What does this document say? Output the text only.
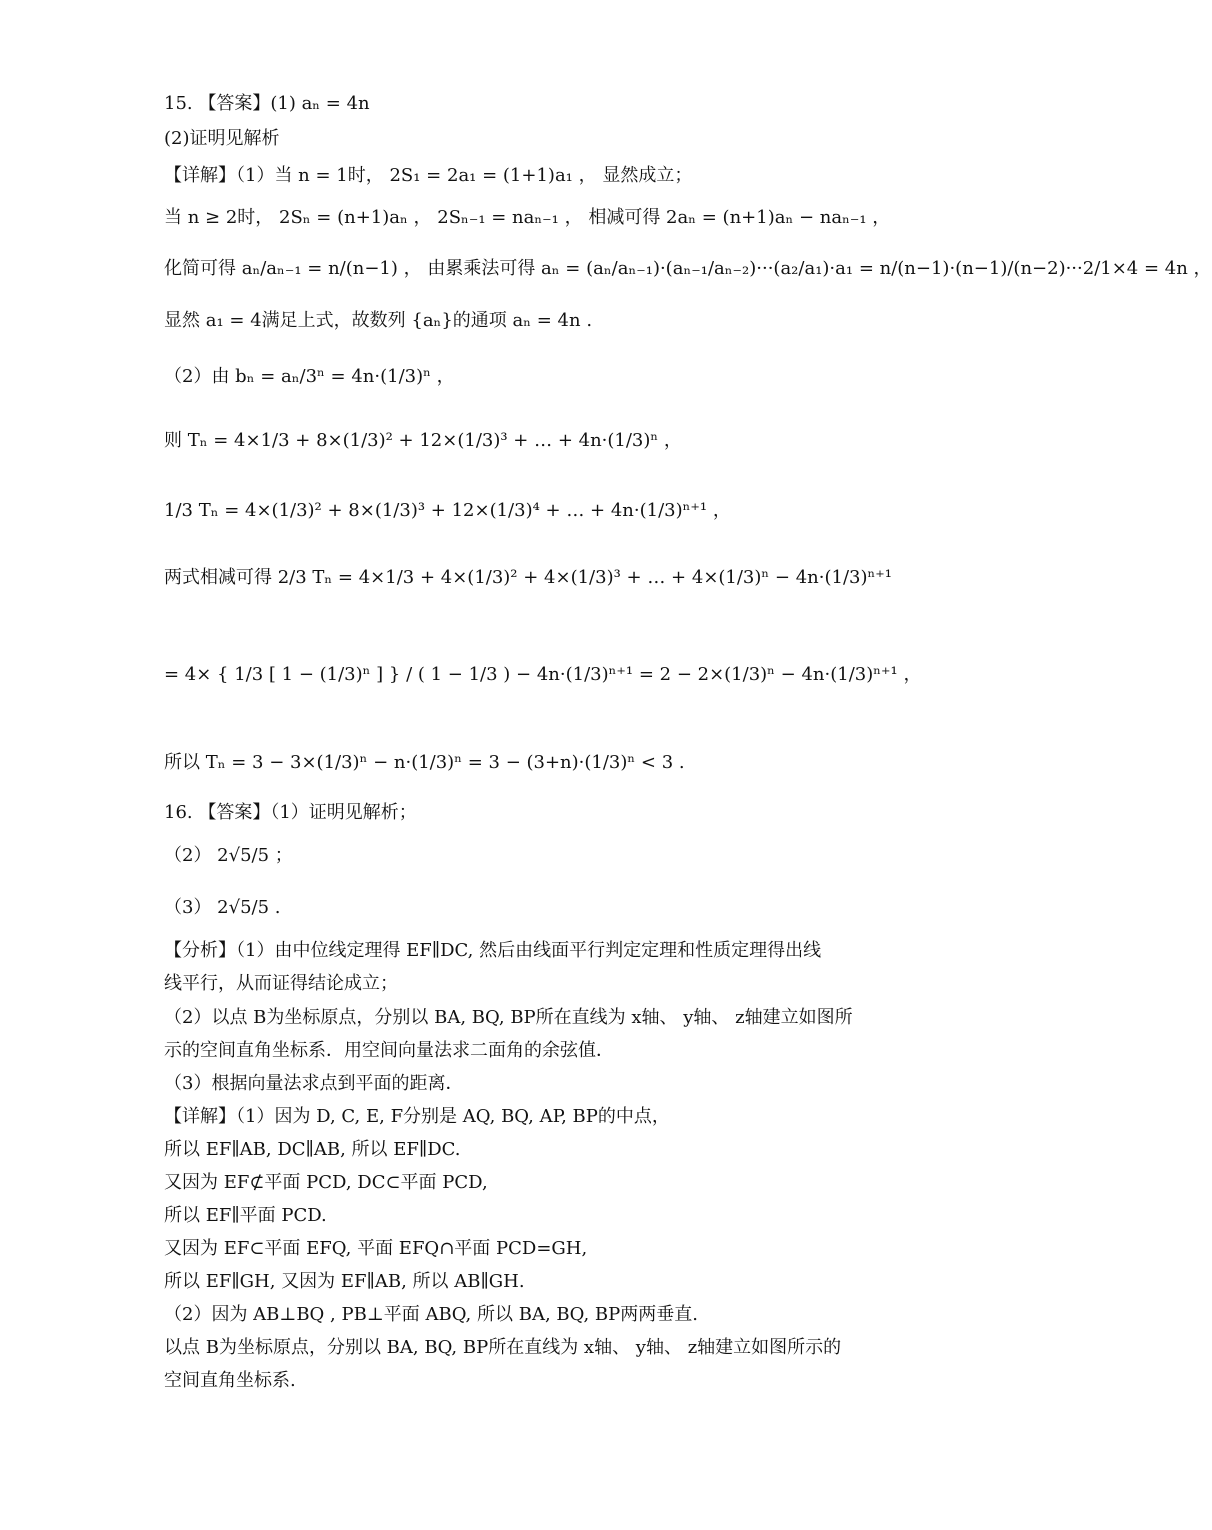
15. 【答案】(1) aₙ = 4n
(2)证明见解析
【详解】（1）当 n = 1时， 2S₁ = 2a₁ = (1+1)a₁ ， 显然成立；
当 n ≥ 2时， 2Sₙ = (n+1)aₙ ， 2Sₙ₋₁ = naₙ₋₁ ， 相减可得 2aₙ = (n+1)aₙ − naₙ₋₁ ，
化简可得 aₙ/aₙ₋₁ = n/(n−1) ， 由累乘法可得 aₙ = (aₙ/aₙ₋₁)·(aₙ₋₁/aₙ₋₂)···(a₂/a₁)·a₁ = n/(n−1)·(n−1)/(n−2)···2/1×4 = 4n ，
显然 a₁ = 4满足上式，故数列 {aₙ}的通项 aₙ = 4n .
（2）由 bₙ = aₙ/3ⁿ = 4n·(1/3)ⁿ ，
则 Tₙ = 4×1/3 + 8×(1/3)² + 12×(1/3)³ + … + 4n·(1/3)ⁿ ，
1/3 Tₙ = 4×(1/3)² + 8×(1/3)³ + 12×(1/3)⁴ + … + 4n·(1/3)ⁿ⁺¹ ，
两式相减可得 2/3 Tₙ = 4×1/3 + 4×(1/3)² + 4×(1/3)³ + … + 4×(1/3)ⁿ − 4n·(1/3)ⁿ⁺¹
= 4× { 1/3 [ 1 − (1/3)ⁿ ] } / ( 1 − 1/3 ) − 4n·(1/3)ⁿ⁺¹ = 2 − 2×(1/3)ⁿ − 4n·(1/3)ⁿ⁺¹ ，
所以 Tₙ = 3 − 3×(1/3)ⁿ − n·(1/3)ⁿ = 3 − (3+n)·(1/3)ⁿ < 3 .
16. 【答案】（1）证明见解析；
（2） 2√5/5 ；
（3） 2√5/5 .
【分析】（1）由中位线定理得 EF∥DC, 然后由线面平行判定定理和性质定理得出线
线平行，从而证得结论成立；
（2）以点 B为坐标原点，分别以 BA, BQ, BP所在直线为 x轴、 y轴、 z轴建立如图所
示的空间直角坐标系．用空间向量法求二面角的余弦值．
（3）根据向量法求点到平面的距离．
【详解】（1）因为 D, C, E, F分别是 AQ, BQ, AP, BP的中点，
所以 EF∥AB, DC∥AB, 所以 EF∥DC.
又因为 EF⊄平面 PCD, DC⊂平面 PCD,
所以 EF∥平面 PCD.
又因为 EF⊂平面 EFQ, 平面 EFQ∩平面 PCD=GH,
所以 EF∥GH, 又因为 EF∥AB, 所以 AB∥GH.
（2）因为 AB⊥BQ , PB⊥平面 ABQ, 所以 BA, BQ, BP两两垂直.
以点 B为坐标原点，分别以 BA, BQ, BP所在直线为 x轴、 y轴、 z轴建立如图所示的
空间直角坐标系.
